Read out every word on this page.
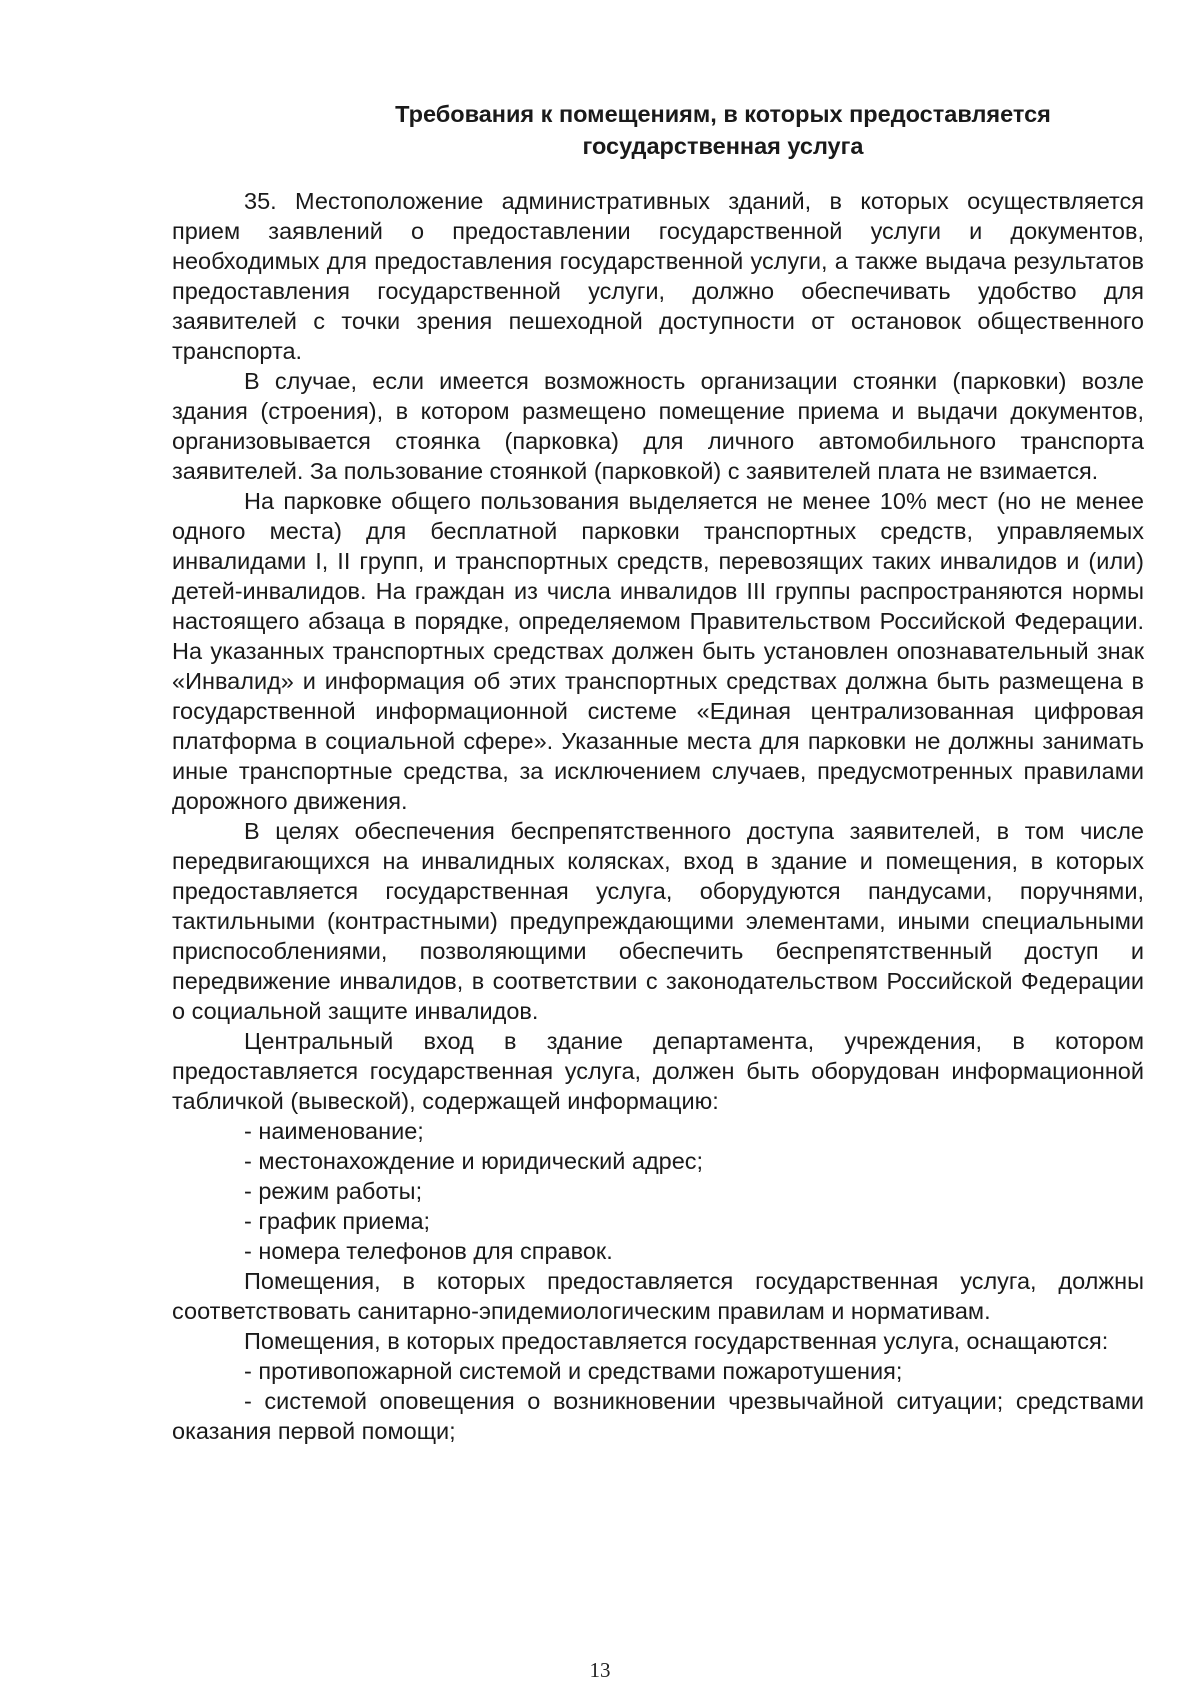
Требования к помещениям, в которых предоставляется
государственная услуга

35. Местоположение административных зданий, в которых осуществляется прием заявлений о предоставлении государственной услуги и документов, необходимых для предоставления государственной услуги, а также выдача результатов предоставления государственной услуги, должно обеспечивать удобство для заявителей с точки зрения пешеходной доступности от остановок общественного транспорта.

В случае, если имеется возможность организации стоянки (парковки) возле здания (строения), в котором размещено помещение приема и выдачи документов, организовывается стоянка (парковка) для личного автомобильного транспорта заявителей. За пользование стоянкой (парковкой) с заявителей плата не взимается.

На парковке общего пользования выделяется не менее 10% мест (но не менее одного места) для бесплатной парковки транспортных средств, управляемых инвалидами I, II групп, и транспортных средств, перевозящих таких инвалидов и (или) детей-инвалидов. На граждан из числа инвалидов III группы распространяются нормы настоящего абзаца в порядке, определяемом Правительством Российской Федерации. На указанных транспортных средствах должен быть установлен опознавательный знак «Инвалид» и информация об этих транспортных средствах должна быть размещена в государственной информационной системе «Единая централизованная цифровая платформа в социальной сфере». Указанные места для парковки не должны занимать иные транспортные средства, за исключением случаев, предусмотренных правилами дорожного движения.

В целях обеспечения беспрепятственного доступа заявителей, в том числе передвигающихся на инвалидных колясках, вход в здание и помещения, в которых предоставляется государственная услуга, оборудуются пандусами, поручнями, тактильными (контрастными) предупреждающими элементами, иными специальными приспособлениями, позволяющими обеспечить беспрепятственный доступ и передвижение инвалидов, в соответствии с законодательством Российской Федерации о социальной защите инвалидов.

Центральный вход в здание департамента, учреждения, в котором предоставляется государственная услуга, должен быть оборудован информационной табличкой (вывеской), содержащей информацию:

- наименование;

- местонахождение и юридический адрес;

- режим работы;

- график приема;

- номера телефонов для справок.

Помещения, в которых предоставляется государственная услуга, должны соответствовать санитарно-эпидемиологическим правилам и нормативам.

Помещения, в которых предоставляется государственная услуга, оснащаются:

- противопожарной системой и средствами пожаротушения;

- системой оповещения о возникновении чрезвычайной ситуации; средствами оказания первой помощи;

13
